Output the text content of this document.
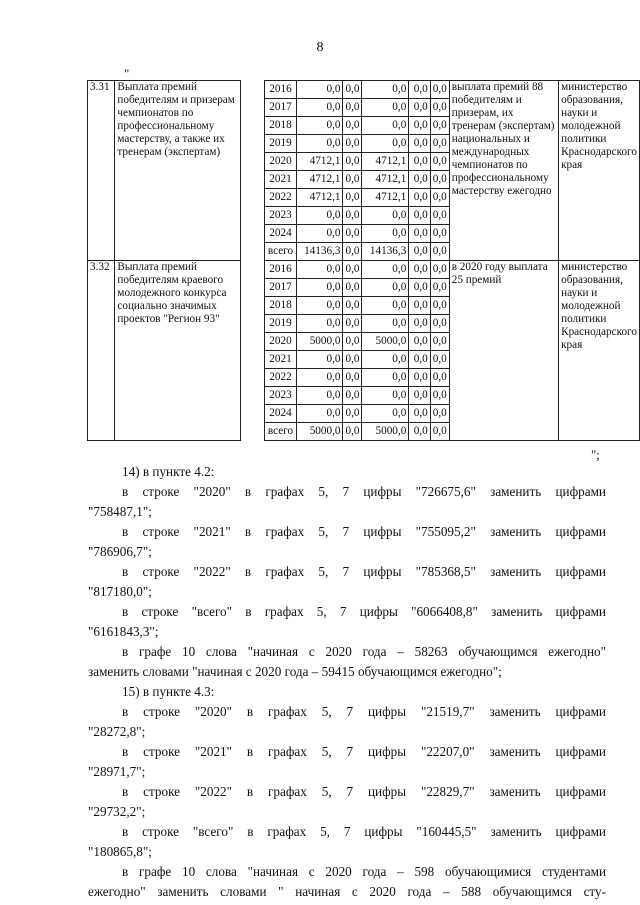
8
"
3.31	Выплата премий победителям и призерам чемпионатов по профессиональному мастерству, а также их тренерам (экспертам)		2016	0,0	0,0	0,0	0,0	0,0	выплата премий 88 победителям и призерам, их тренерам (экспертам) национальных и международных чемпионатов по профессиональному мастерству ежегодно	министерство образования, науки и молодежной политики Краснодарского края
			2017	0,0	0,0	0,0	0,0	0,0		
			2018	0,0	0,0	0,0	0,0	0,0		
			2019	0,0	0,0	0,0	0,0	0,0		
			2020	4712,1	0,0	4712,1	0,0	0,0		
			2021	4712,1	0,0	4712,1	0,0	0,0		
			2022	4712,1	0,0	4712,1	0,0	0,0		
			2023	0,0	0,0	0,0	0,0	0,0		
			2024	0,0	0,0	0,0	0,0	0,0		
			всего	14136,3	0,0	14136,3	0,0	0,0		
3.32	Выплата премий победителям краевого молодежного конкурса социально значимых проектов "Регион 93"		2016	0,0	0,0	0,0	0,0	0,0	в 2020 году выплата 25 премий	министерство образования, науки и молодежной политики Краснодарского края
			2017	0,0	0,0	0,0	0,0	0,0		
			2018	0,0	0,0	0,0	0,0	0,0		
			2019	0,0	0,0	0,0	0,0	0,0		
			2020	5000,0	0,0	5000,0	0,0	0,0		
			2021	0,0	0,0	0,0	0,0	0,0		
			2022	0,0	0,0	0,0	0,0	0,0		
			2023	0,0	0,0	0,0	0,0	0,0		
			2024	0,0	0,0	0,0	0,0	0,0		
			всего	5000,0	0,0	5000,0	0,0	0,0		
";
14) в пункте 4.2:
в строке "2020" в графах 5, 7 цифры "726675,6" заменить цифрами
"758487,1";
в строке "2021" в графах 5, 7 цифры "755095,2" заменить цифрами
"786906,7";
в строке "2022" в графах 5, 7 цифры "785368,5" заменить цифрами
"817180,0";
в строке "всего" в графах 5, 7 цифры "6066408,8" заменить цифрами
"6161843,3";
в графе 10 слова "начиная с 2020 года – 58263 обучающимся ежегодно"
заменить словами "начиная с 2020 года – 59415 обучающимся ежегодно";
15) в пункте 4.3:
в строке "2020" в графах 5, 7 цифры "21519,7" заменить цифрами
"28272,8";
в строке "2021" в графах 5, 7 цифры "22207,0" заменить цифрами
"28971,7";
в строке "2022" в графах 5, 7 цифры "22829,7" заменить цифрами
"29732,2";
в строке "всего" в графах 5, 7 цифры "160445,5" заменить цифрами
"180865,8";
в графе 10 слова "начиная с 2020 года – 598 обучающимися студентами
ежегодно" заменить словами " начиная с 2020 года – 588 обучающимся сту-
